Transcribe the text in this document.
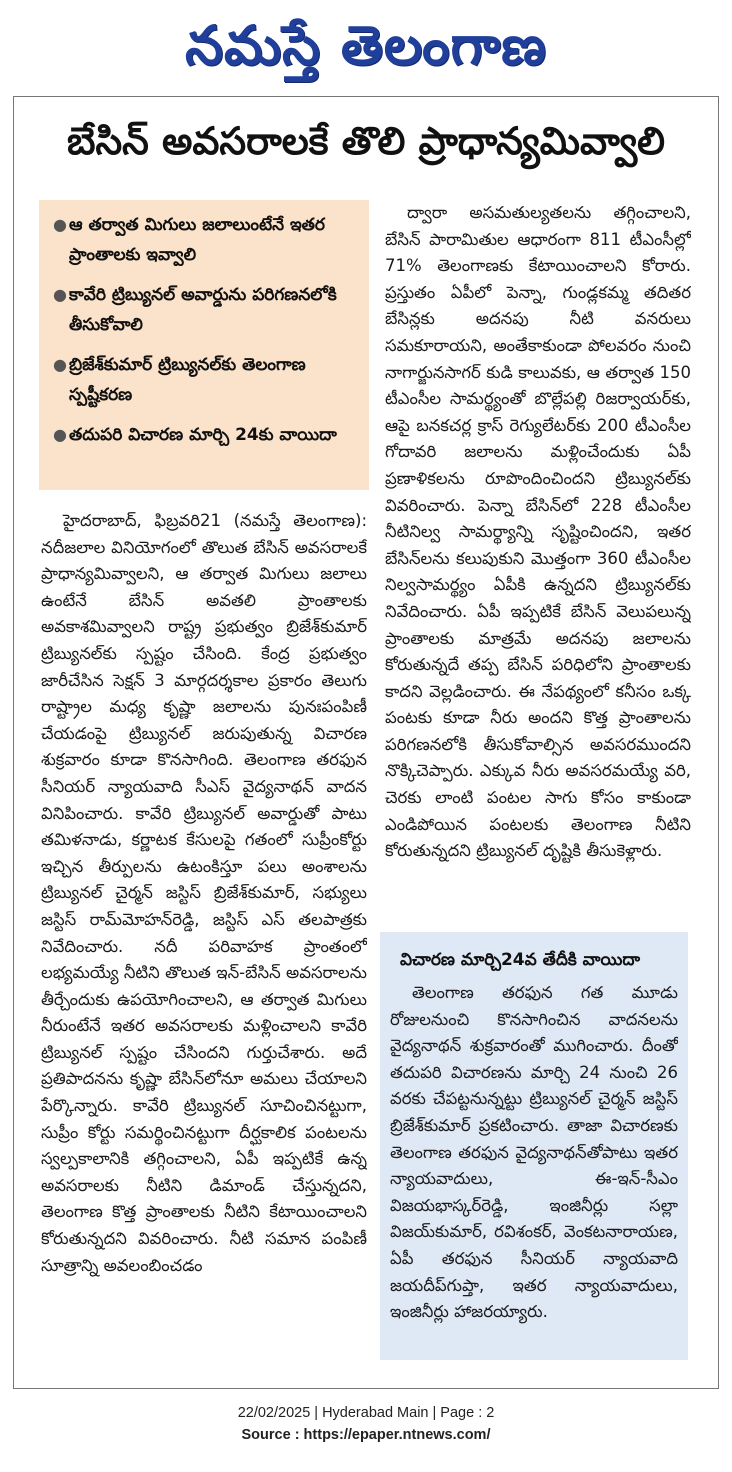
నమస్తే తెలంగాణ
బేసిన్ అవసరాలకే తొలి ప్రాధాన్యమివ్వాలి
● ఆ తర్వాత మిగులు జలాలుంటేనే ఇతర ప్రాంతాలకు ఇవ్వాలి
● కావేరి ట్రిబ్యునల్ అవార్డును పరిగణనలోకి తీసుకోవాలి
● బ్రిజేశ్‌కుమార్ ట్రిబ్యునల్‌కు తెలంగాణ స్పష్టీకరణ
● తదుపరి విచారణ మార్చి 24కు వాయిదా

హైదరాబాద్, ఫిబ్రవరి21 (నమస్తే తెలంగాణ): నదీజలాల వినియోగంలో తొలుత బేసిన్ అవసరాలకే ప్రాధాన్యమివ్వాలని, ఆ తర్వాత మిగులు జలాలు ఉంటేనే బేసిన్ అవతలి ప్రాంతాలకు అవకాశమివ్వాలని రాష్ట్ర ప్రభుత్వం బ్రిజేశ్‌కుమార్ ట్రిబ్యునల్‌కు స్పష్టం చేసింది. కేంద్ర ప్రభుత్వం జారీచేసిన సెక్షన్ 3 మార్గదర్శకాల ప్రకారం తెలుగు రాష్ట్రాల మధ్య కృష్ణా జలాలను పునఃపంపిణీ చేయడంపై ట్రిబ్యునల్ జరుపుతున్న విచారణ శుక్రవారం కూడా కొనసాగింది. తెలంగాణ తరఫున సీనియర్ న్యాయవాది సీఎస్ వైద్యనాథన్ వాదన వినిపించారు. కావేరి ట్రిబ్యునల్ అవార్డుతో పాటు తమిళనాడు, కర్ణాటక కేసులపై గతంలో సుప్రీంకోర్టు ఇచ్చిన తీర్పులను ఉటంకిస్తూ పలు అంశాలను ట్రిబ్యునల్ చైర్మన్ జస్టిస్ బ్రిజేశ్‌కుమార్, సభ్యులు జస్టిస్ రామ్‌మోహన్‌రెడ్డి, జస్టిస్ ఎస్ తలపాత్రకు నివేదించారు. నదీ పరివాహక ప్రాంతంలో లభ్యమయ్యే నీటిని తొలుత ఇన్-బేసిన్ అవసరాలను తీర్చేందుకు ఉపయోగించాలని, ఆ తర్వాత మిగులు నీరుంటేనే ఇతర అవసరాలకు మళ్లించాలని కావేరి ట్రిబ్యునల్ స్పష్టం చేసిందని గుర్తుచేశారు. అదే ప్రతిపాదనను కృష్ణా బేసిన్‌లోనూ అమలు చేయాలని పేర్కొన్నారు. కావేరి ట్రిబ్యునల్ సూచించినట్టుగా, సుప్రీం కోర్టు సమర్థించినట్టుగా దీర్ఘకాలిక పంటలను స్వల్పకాలానికి తగ్గించాలని, ఏపీ ఇప్పటికే ఉన్న అవసరాలకు నీటిని డిమాండ్ చేస్తున్నదని, తెలంగాణ కొత్త ప్రాంతాలకు నీటిని కేటాయించాలని కోరుతున్నదని వివరించారు. నీటి సమాన పంపిణీ సూత్రాన్ని అవలంబించడం

ద్వారా అసమతుల్యతలను తగ్గించాలని, బేసిన్ పారామితుల ఆధారంగా 811 టీఎంసీల్లో 71% తెలంగాణకు కేటాయించాలని కోరారు. ప్రస్తుతం ఏపీలో పెన్నా, గుండ్లకమ్మ తదితర బేసిన్లకు అదనపు నీటి వనరులు సమకూరాయని, అంతేకాకుండా పోలవరం నుంచి నాగార్జునసాగర్ కుడి కాలువకు, ఆ తర్వాత 150 టీఎంసీల సామర్థ్యంతో బొల్లేపల్లి రిజర్వాయర్‌కు, ఆపై బనకచర్ల క్రాస్ రెగ్యులేటర్‌కు 200 టీఎంసీల గోదావరి జలాలను మళ్లించేందుకు ఏపీ ప్రణాళికలను రూపొందించిందని ట్రిబ్యునల్‌కు వివరించారు. పెన్నా బేసిన్‌లో 228 టీఎంసీల నీటినిల్వ సామర్థ్యాన్ని సృష్టించిందని, ఇతర బేసిన్‌లను కలుపుకుని మొత్తంగా 360 టీఎంసీల నిల్వసామర్థ్యం ఏపీకి ఉన్నదని ట్రిబ్యునల్‌కు నివేదించారు. ఏపీ ఇప్పటికే బేసిన్ వెలుపలున్న ప్రాంతాలకు మాత్రమే అదనపు జలాలను కోరుతున్నదే తప్ప బేసిన్ పరిధిలోని ప్రాంతాలకు కాదని వెల్లడించారు. ఈ నేపథ్యంలో కనీసం ఒక్క పంటకు కూడా నీరు అందని కొత్త ప్రాంతాలను పరిగణనలోకి తీసుకోవాల్సిన అవసరముందని నొక్కిచెప్పారు. ఎక్కువ నీరు అవసరమయ్యే వరి, చెరకు లాంటి పంటల సాగు కోసం కాకుండా ఎండిపోయిన పంటలకు తెలంగాణ నీటిని కోరుతున్నదని ట్రిబ్యునల్ దృష్టికి తీసుకెళ్లారు.

విచారణ మార్చి24వ తేదీకి వాయిదా

తెలంగాణ తరఫున గత మూడు రోజులనుంచి కొనసాగించిన వాదనలను వైద్యనాథన్ శుక్రవారంతో ముగించారు. దీంతో తదుపరి విచారణను మార్చి 24 నుంచి 26 వరకు చేపట్టనున్నట్టు ట్రిబ్యునల్ చైర్మన్ జస్టిస్ బ్రిజేశ్‌కుమార్ ప్రకటించారు. తాజా విచారణకు తెలంగాణ తరఫున వైద్యనాథన్‌తోపాటు ఇతర న్యాయవాదులు, ఈ-ఇన్-సీఎం విజయభాస్కర్‌రెడ్డి, ఇంజినీర్లు సల్లా విజయ్‌కుమార్, రవిశంకర్, వెంకటనారాయణ, ఏపీ తరఫున సీనియర్ న్యాయవాది జయదీప్‌గుప్తా, ఇతర న్యాయవాదులు, ఇంజినీర్లు హాజరయ్యారు.

22/02/2025 | Hyderabad Main | Page : 2
Source : https://epaper.ntnews.com/
